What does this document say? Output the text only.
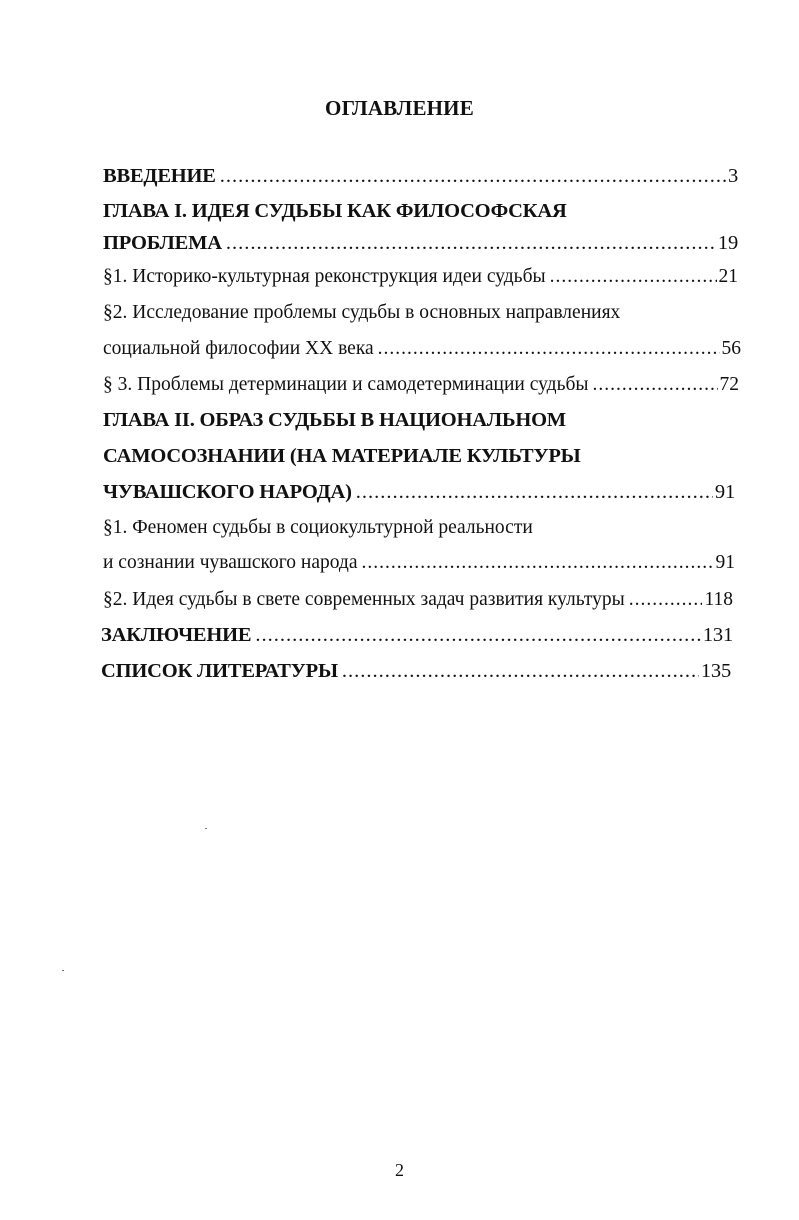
ОГЛАВЛЕНИЕ
ВВЕДЕНИЕ .....	3
ГЛАВА I. ИДЕЯ СУДЬБЫ КАК ФИЛОСОФСКАЯ
ПРОБЛЕМА .....	19
§1. Историко-культурная реконструкция идеи судьбы .....	21
§2. Исследование проблемы судьбы в основных направлениях
социальной философии XX века .....	56
§ 3. Проблемы детерминации и самодетерминации судьбы .....	72
ГЛАВА II. ОБРАЗ СУДЬБЫ В НАЦИОНАЛЬНОМ
САМОСОЗНАНИИ (НА МАТЕРИАЛЕ КУЛЬТУРЫ
ЧУВАШСКОГО НАРОДА) .....	91
§1. Феномен судьбы в социокультурной реальности
и сознании чувашского народа .....	91
§2. Идея судьбы в свете современных задач развития культуры .....	118
ЗАКЛЮЧЕНИЕ .....	131
СПИСОК ЛИТЕРАТУРЫ .....	135
2
